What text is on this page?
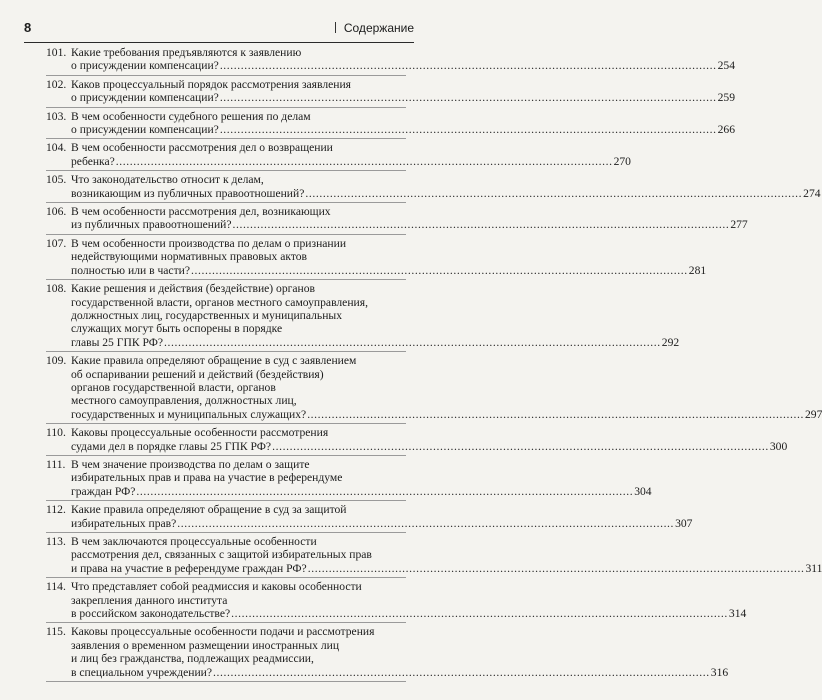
8	Содержание
101. Какие требования предъявляются к заявлению
о присуждении компенсации? .....	254
102. Каков процессуальный порядок рассмотрения заявления
о присуждении компенсации? .....	259
103. В чем особенности судебного решения по делам
о присуждении компенсации? .....	266
104. В чем особенности рассмотрения дел о возвращении
ребенка? .....	270
105. Что законодательство относит к делам,
возникающим из публичных правоотношений? .....	274
106. В чем особенности рассмотрения дел, возникающих
из публичных правоотношений? .....	277
107. В чем особенности производства по делам о признании
недействующими нормативных правовых актов
полностью или в части? .....	281
108. Какие решения и действия (бездействие) органов
государственной власти, органов местного самоуправления,
должностных лиц, государственных и муниципальных
служащих могут быть оспорены в порядке
главы 25 ГПК РФ? .....	292
109. Какие правила определяют обращение в суд с заявлением
об оспаривании решений и действий (бездействия)
органов государственной власти, органов
местного самоуправления, должностных лиц,
государственных и муниципальных служащих? .....	297
110. Каковы процессуальные особенности рассмотрения
судами дел в порядке главы 25 ГПК РФ? .....	300
111. В чем значение производства по делам о защите
избирательных прав и права на участие в референдуме
граждан РФ? .....	304
112. Какие правила определяют обращение в суд за защитой
избирательных прав? .....	307
113. В чем заключаются процессуальные особенности
рассмотрения дел, связанных с защитой избирательных прав
и права на участие в референдуме граждан РФ? .....	311
114. Что представляет собой реадмиссия и каковы особенности
закрепления данного института
в российском законодательстве? .....	314
115. Каковы процессуальные особенности подачи и рассмотрения
заявления о временном размещении иностранных лиц
и лиц без гражданства, подлежащих реадмиссии,
в специальном учреждении? .....	316
